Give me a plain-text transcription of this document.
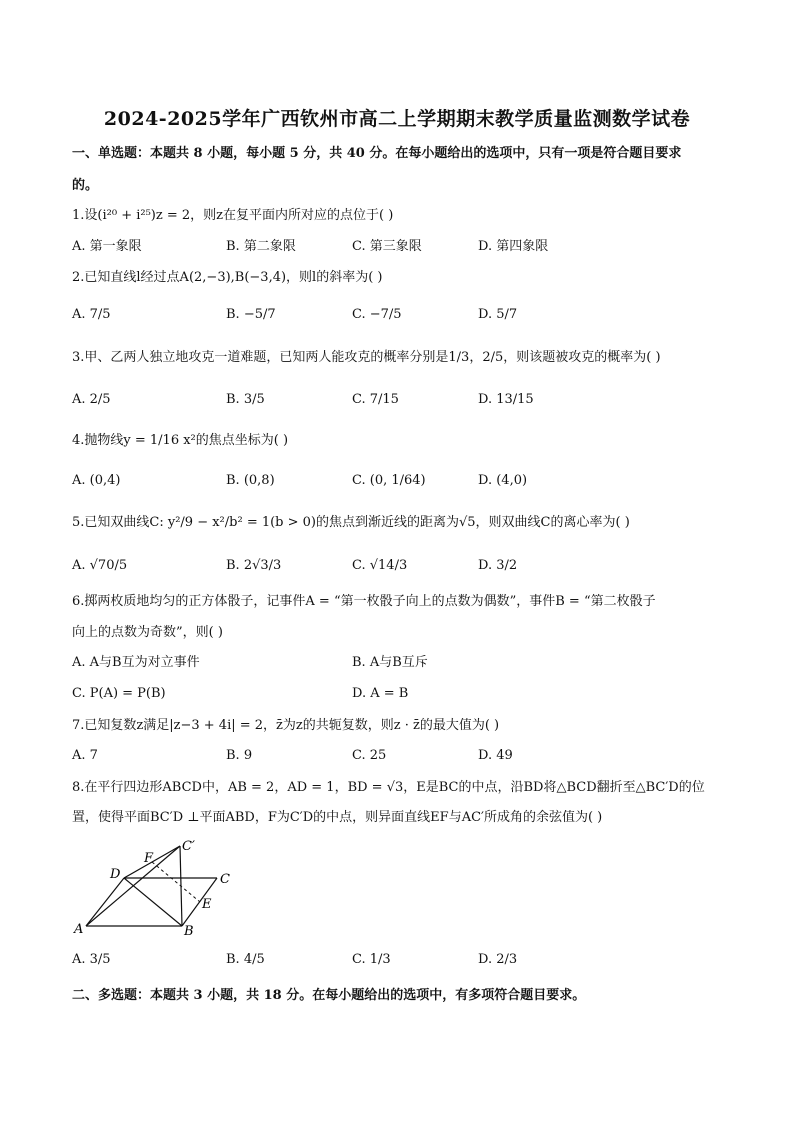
2024-2025学年广西钦州市高二上学期期末教学质量监测数学试卷
一、单选题：本题共 8 小题，每小题 5 分，共 40 分。在每小题给出的选项中，只有一项是符合题目要求
的。
1.设(i²⁰ + i²⁵)z = 2，则z在复平面内所对应的点位于( )
A. 第一象限	B. 第二象限	C. 第三象限	D. 第四象限
2.已知直线l经过点A(2,−3),B(−3,4)，则l的斜率为( )
A. 7/5	B. −5/7	C. −7/5	D. 5/7
3.甲、乙两人独立地攻克一道难题，已知两人能攻克的概率分别是1/3，2/5，则该题被攻克的概率为( )
A. 2/5	B. 3/5	C. 7/15	D. 13/15
4.抛物线y = 1/16 x²的焦点坐标为( )
A. (0,4)	B. (0,8)	C. (0, 1/64)	D. (4,0)
5.已知双曲线C: y²/9 − x²/b² = 1(b > 0)的焦点到渐近线的距离为√5，则双曲线C的离心率为( )
A. √70/5	B. 2√3/3	C. √14/3	D. 3/2
6.掷两枚质地均匀的正方体骰子，记事件A = “第一枚骰子向上的点数为偶数”，事件B = “第二枚骰子
向上的点数为奇数”，则( )
A. A与B互为对立事件	B. A与B互斥
C. P(A) = P(B)	D. A = B
7.已知复数z满足|z−3 + 4i| = 2，z̄为z的共轭复数，则z · z̄的最大值为( )
A. 7	B. 9	C. 25	D. 49
8.在平行四边形ABCD中，AB = 2，AD = 1，BD = √3，E是BC的中点，沿BD将△BCD翻折至△BC′D的位
置，使得平面BC′D ⊥平面ABD，F为C′D的中点，则异面直线EF与AC′所成角的余弦值为( )
A	B
C
D
E
F
C′
A. 3/5	B. 4/5	C. 1/3	D. 2/3
二、多选题：本题共 3 小题，共 18 分。在每小题给出的选项中，有多项符合题目要求。
